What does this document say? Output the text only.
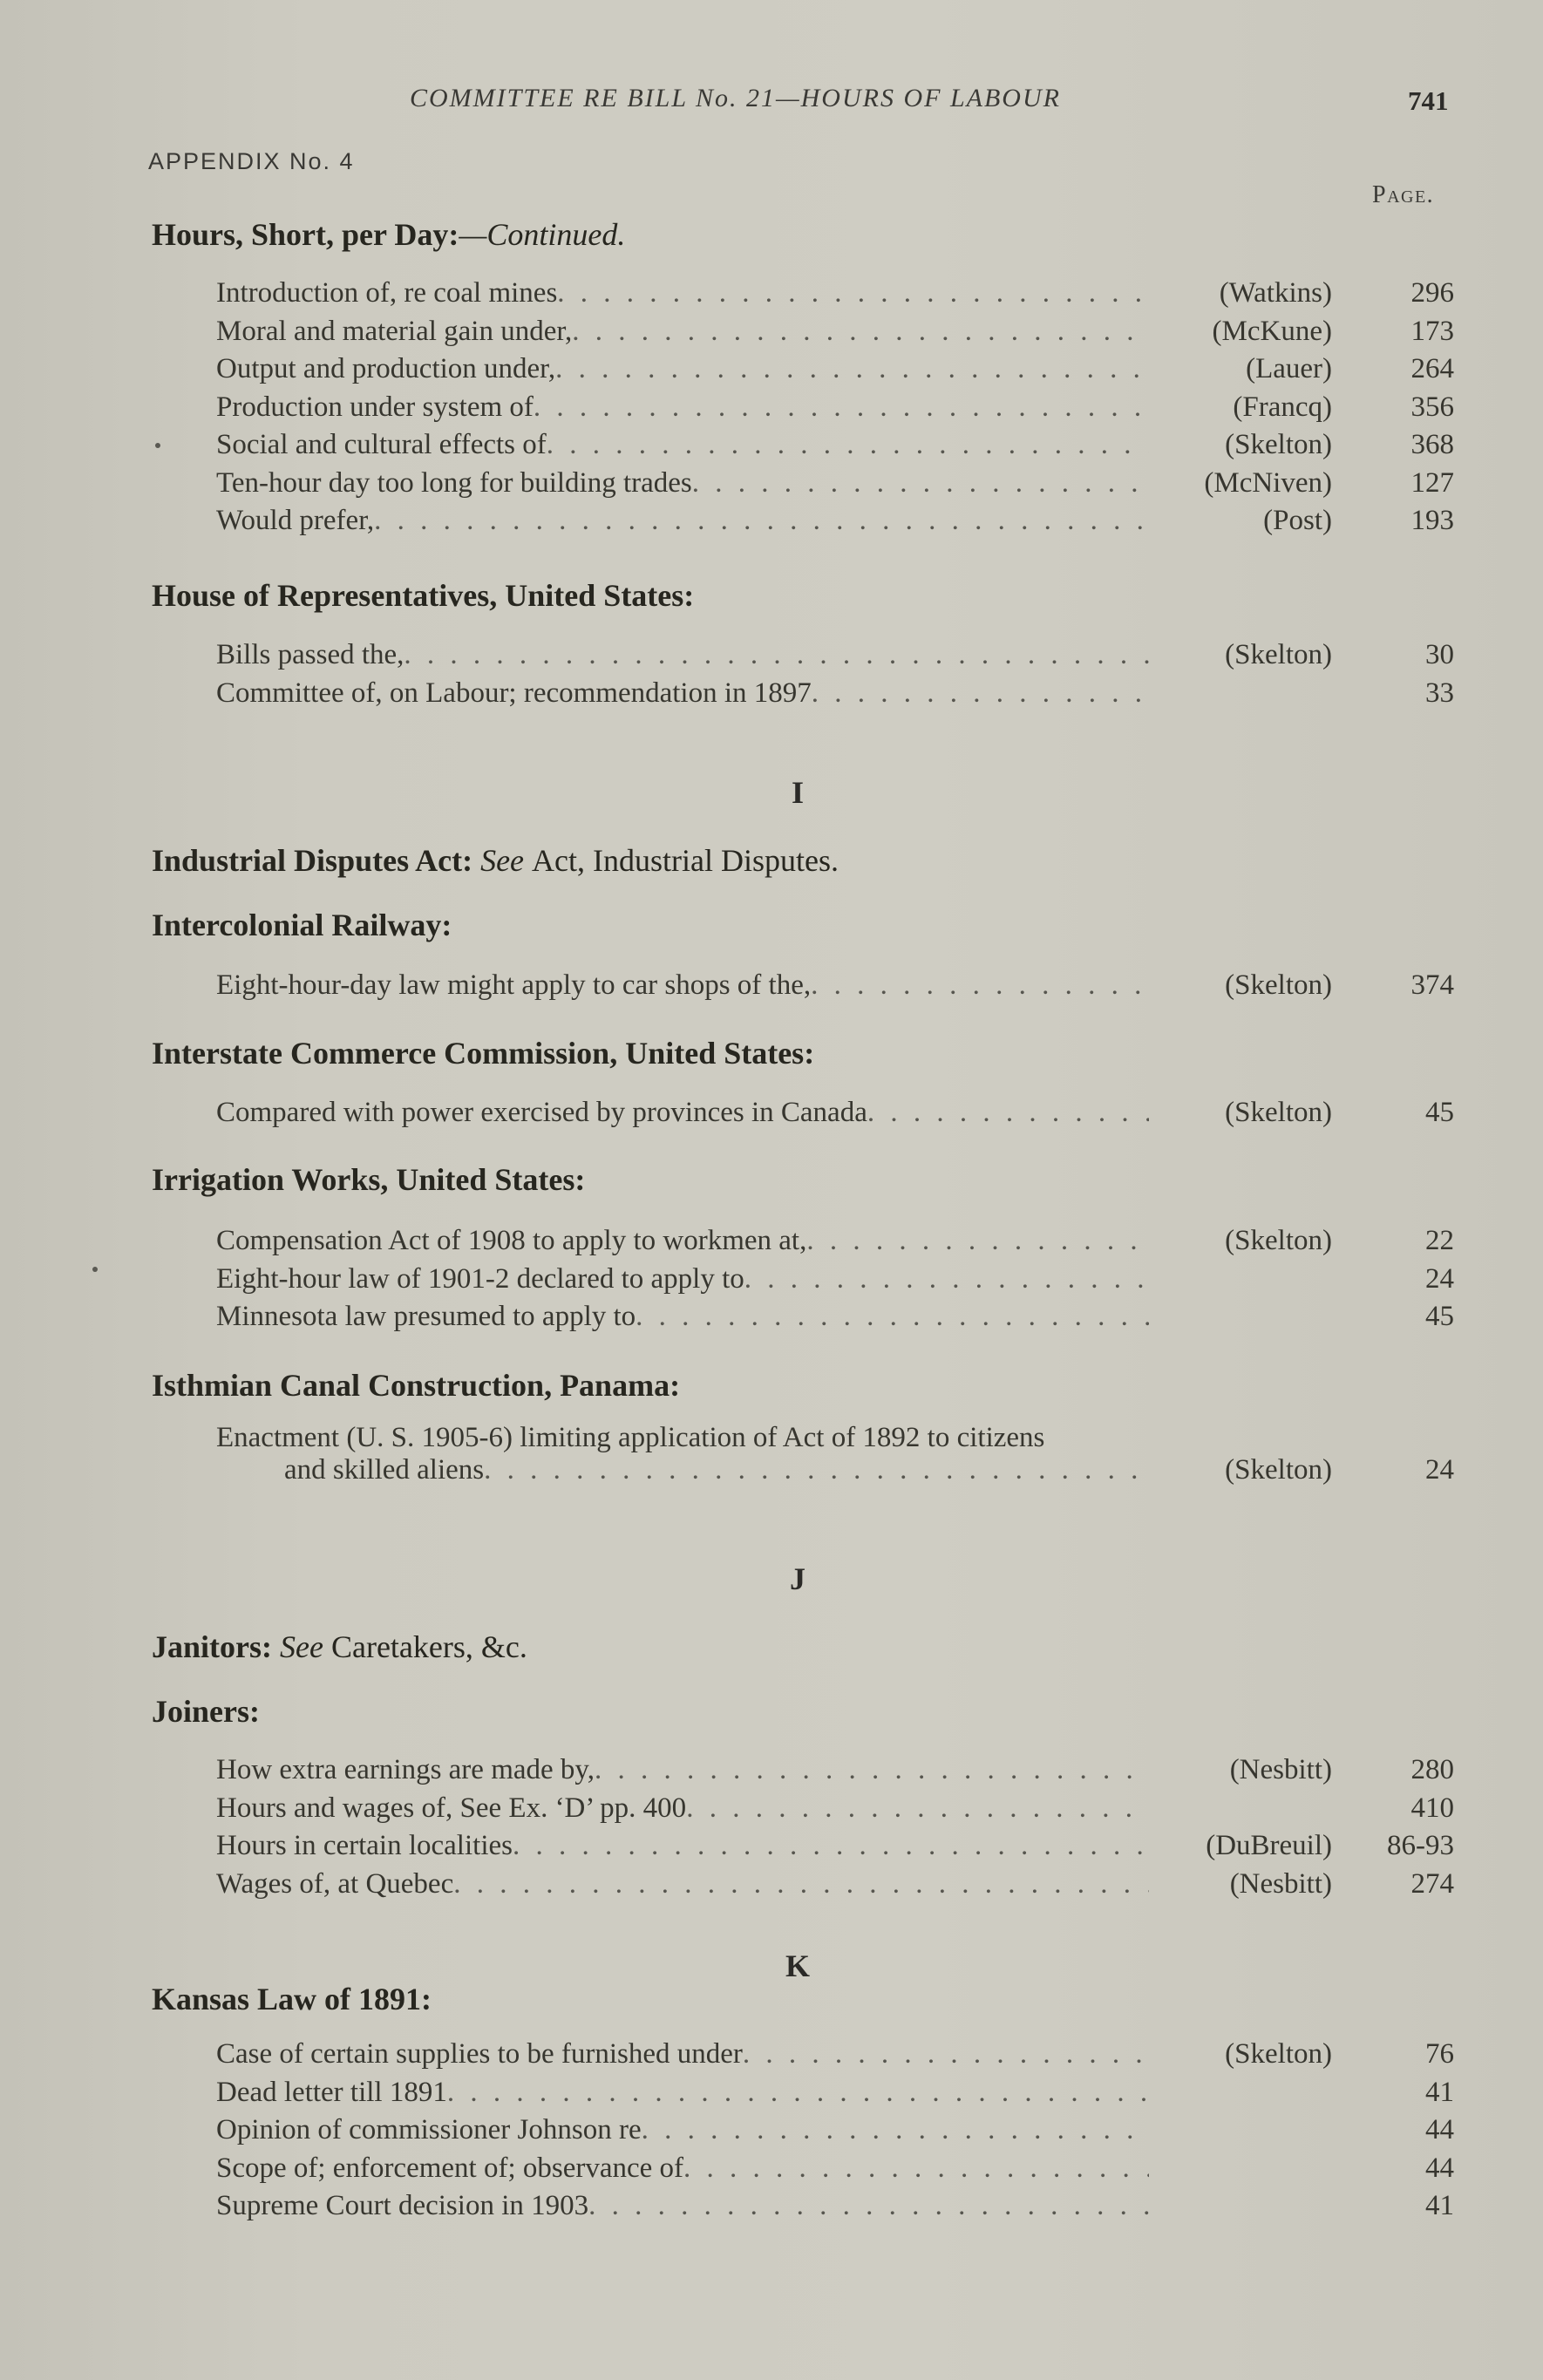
COMMITTEE RE BILL No. 21—HOURS OF LABOUR	741
APPENDIX No. 4
Page.
Hours, Short, per Day:—Continued.
Introduction of, re coal mines . . .	(Watkins)	296
Moral and material gain under, . . .	(McKune)	173
Output and production under, . . .	(Lauer)	264
Production under system of . . .	(Francq)	356
Social and cultural effects of . . .	(Skelton)	368
Ten-hour day too long for building trades . . .	(McNiven)	127
Would prefer, . . .	(Post)	193
House of Representatives, United States:
Bills passed the, . . .	(Skelton)	30
Committee of, on Labour; recommendation in 1897 . . .	33
I
Industrial Disputes Act: See Act, Industrial Disputes.
Intercolonial Railway:
Eight-hour-day law might apply to car shops of the, . . .	(Skelton)	374
Interstate Commerce Commission, United States:
Compared with power exercised by provinces in Canada . . .	(Skelton)	45
Irrigation Works, United States:
Compensation Act of 1908 to apply to workmen at, . . .	(Skelton)	22
Eight-hour law of 1901-2 declared to apply to . . .	24
Minnesota law presumed to apply to . . .	45
Isthmian Canal Construction, Panama:
Enactment (U. S. 1905-6) limiting application of Act of 1892 to citizens
and skilled aliens . . .	(Skelton)	24
J
Janitors: See Caretakers, &c.
Joiners:
How extra earnings are made by, . . .	(Nesbitt)	280
Hours and wages of, See Ex. ‘D’ pp. 400 . . .	410
Hours in certain localities . . .	(DuBreuil)	86-93
Wages of, at Quebec . . .	(Nesbitt)	274
K
Kansas Law of 1891:
Case of certain supplies to be furnished under . . .	(Skelton)	76
Dead letter till 1891 . . .	41
Opinion of commissioner Johnson re . . .	44
Scope of; enforcement of; observance of . . .	44
Supreme Court decision in 1903 . . .	41
